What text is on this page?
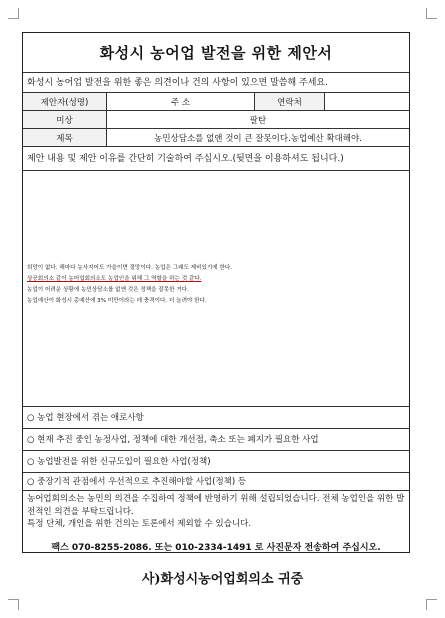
화성시 농어업 발전을 위한 제안서
화성시 농어업 발전을 위한 좋은 의견이나 건의 사항이 있으면 말씀해 주세요.
제안자(성명)	주 소	연락처
미상	팔탄
제목	농민상담소를 없앤 것이 큰 잘못이다.농업예산 확대해야.
제안 내용 및 제안 이유를 간단히 기술하여 주십시오.(뒷면을 이용하셔도 됩니다.)
희망이 없다. 해마다 농사지어도 가을이면 절망이다. 농업은 그래도 제비있기에 한다.
상공회의소 같이 농어업회의소도 농업인을 위해 그 역할을 하는 것 같다.
농업이 어려운 상황에 농민상담소를 없앤 것은 정책을 잘못한 거다.
농업예산이 화성시 총예산에 3% 미만이라는 데 충격이다. 더 늘려야 한다.
○ 농업 현장에서 겪는 애로사항
○ 현재 추진 중인 농정사업, 정책에 대한 개선점, 축소 또는 폐지가 필요한 사업
○ 농업발전을 위한 신규도입이 필요한 사업(정책)
○ 중장기적 관점에서 우선적으로 추진해야할 사업(정책) 등

농어업회의소는 농민의 의견을 수집하여 정책에 반영하기 위해 설립되었습니다. 전체 농업인을 위한 발전적인 의견을 부탁드립니다.

특정 단체, 개인을 위한 건의는 토론에서 제외할 수 있습니다.

팩스 070-8255-2086. 또는 010-2334-1491 로 사진문자 전송하여 주십시오.
사)화성시농어업회의소 귀중
